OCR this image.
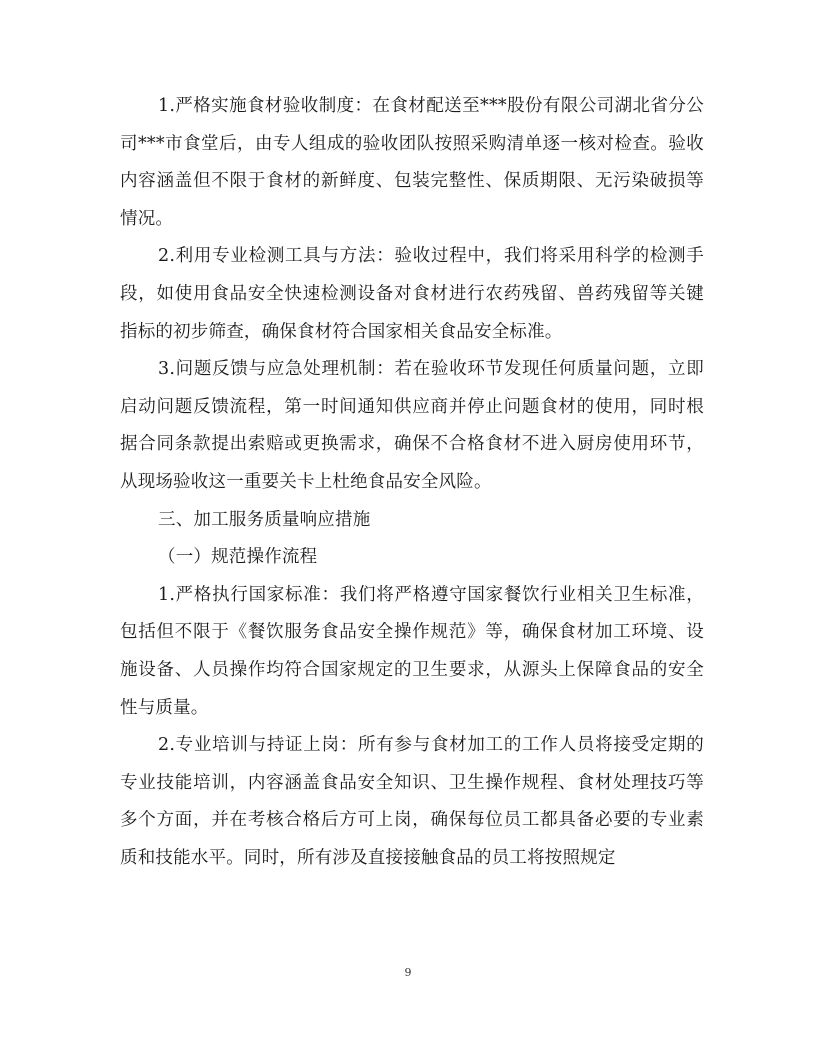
1.严格实施食材验收制度：在食材配送至***股份有限公司湖北省分公司***市食堂后，由专人组成的验收团队按照采购清单逐一核对检查。验收内容涵盖但不限于食材的新鲜度、包装完整性、保质期限、无污染破损等情况。

2.利用专业检测工具与方法：验收过程中，我们将采用科学的检测手段，如使用食品安全快速检测设备对食材进行农药残留、兽药残留等关键指标的初步筛查，确保食材符合国家相关食品安全标准。

3.问题反馈与应急处理机制：若在验收环节发现任何质量问题，立即启动问题反馈流程，第一时间通知供应商并停止问题食材的使用，同时根据合同条款提出索赔或更换需求，确保不合格食材不进入厨房使用环节，从现场验收这一重要关卡上杜绝食品安全风险。

三、加工服务质量响应措施

（一）规范操作流程

1.严格执行国家标准：我们将严格遵守国家餐饮行业相关卫生标准，包括但不限于《餐饮服务食品安全操作规范》等，确保食材加工环境、设施设备、人员操作均符合国家规定的卫生要求，从源头上保障食品的安全性与质量。

2.专业培训与持证上岗：所有参与食材加工的工作人员将接受定期的专业技能培训，内容涵盖食品安全知识、卫生操作规程、食材处理技巧等多个方面，并在考核合格后方可上岗，确保每位员工都具备必要的专业素质和技能水平。同时，所有涉及直接接触食品的员工将按照规定

9
